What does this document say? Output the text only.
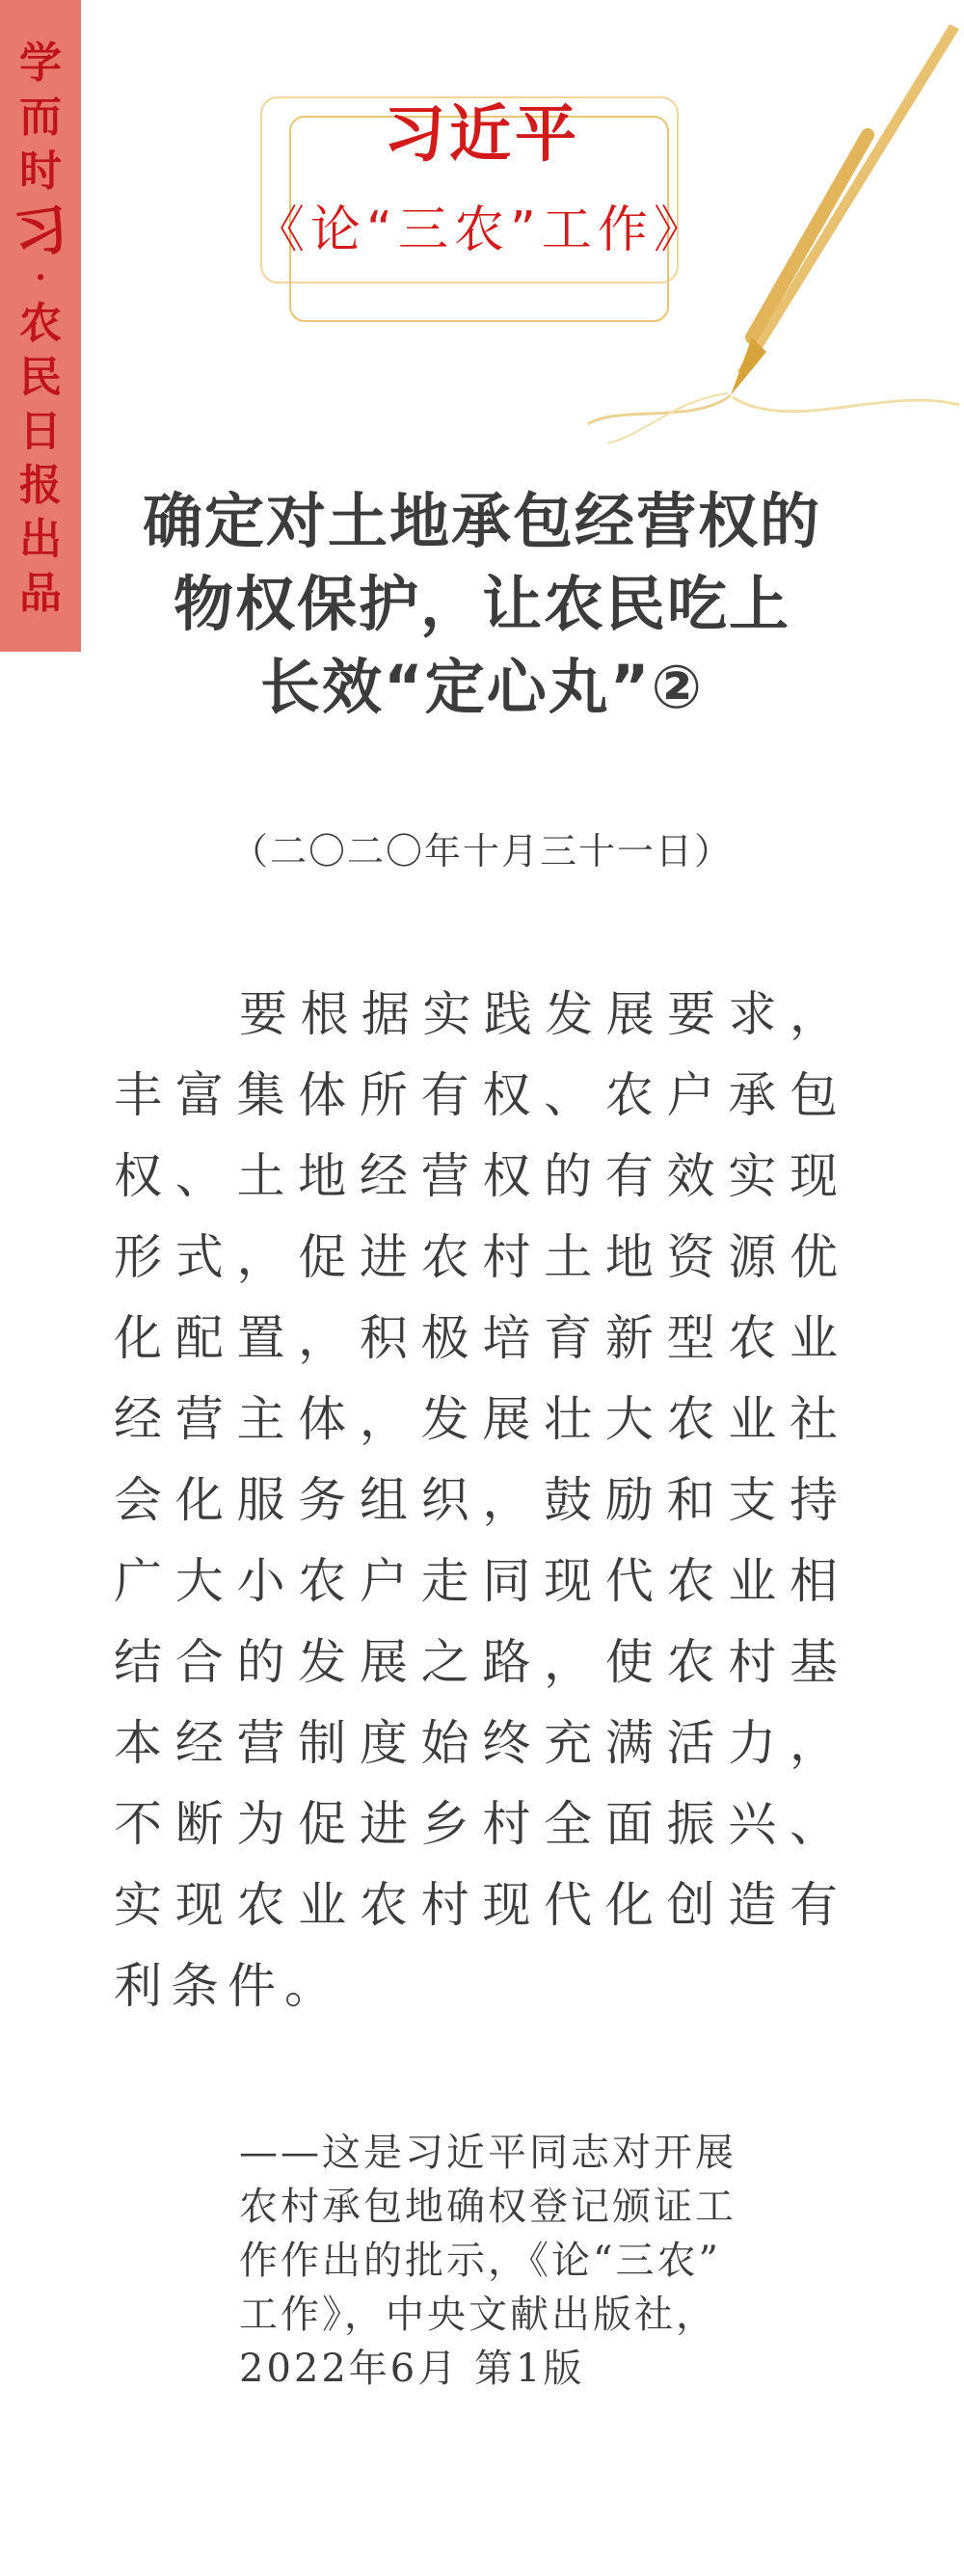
学
而
时
习
·
农
民
日
报
出
品
习近平
《论“三农”工作》
确定对土地承包经营权的
物权保护，让农民吃上
长效“定心丸”②
（二〇二〇年十月三十一日）
要根据实践发展要求，丰富集体所有权、农户承包权、土地经营权的有效实现形式，促进农村土地资源优化配置，积极培育新型农业经营主体，发展壮大农业社会化服务组织，鼓励和支持广大小农户走同现代农业相结合的发展之路，使农村基本经营制度始终充满活力，不断为促进乡村全面振兴、实现农业农村现代化创造有利条件。
——这是习近平同志对开展
农村承包地确权登记颁证工
作作出的批示，《论“三农”
工作》，中央文献出版社，
2022年6月 第1版
